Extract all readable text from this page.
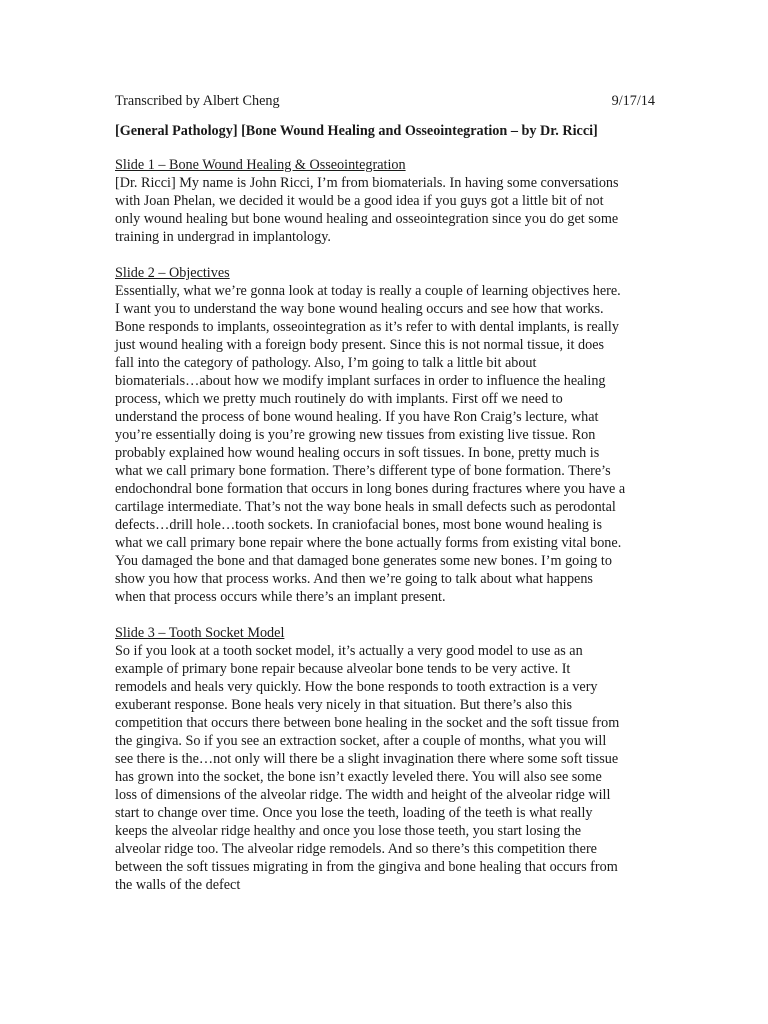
Transcribed by Albert Cheng	9/17/14
[General Pathology] [Bone Wound Healing and Osseointegration – by Dr. Ricci]
Slide 1 – Bone Wound Healing & Osseointegration
[Dr. Ricci] My name is John Ricci, I’m from biomaterials. In having some conversations
with Joan Phelan, we decided it would be a good idea if you guys got a little bit of not
only wound healing but bone wound healing and osseointegration since you do get some
training in undergrad in implantology.
Slide 2 – Objectives
Essentially, what we’re gonna look at today is really a couple of learning objectives here.
I want you to understand the way bone wound healing occurs and see how that works.
Bone responds to implants, osseointegration as it’s refer to with dental implants, is really
just wound healing with a foreign body present. Since this is not normal tissue, it does
fall into the category of pathology. Also, I’m going to talk a little bit about
biomaterials…about how we modify implant surfaces in order to influence the healing
process, which we pretty much routinely do with implants. First off we need to
understand the process of bone wound healing. If you have Ron Craig’s lecture, what
you’re essentially doing is you’re growing new tissues from existing live tissue. Ron
probably explained how wound healing occurs in soft tissues. In bone, pretty much is
what we call primary bone formation. There’s different type of bone formation. There’s
endochondral bone formation that occurs in long bones during fractures where you have a
cartilage intermediate. That’s not the way bone heals in small defects such as perodontal
defects…drill hole…tooth sockets. In craniofacial bones, most bone wound healing is
what we call primary bone repair where the bone actually forms from existing vital bone.
You damaged the bone and that damaged bone generates some new bones. I’m going to
show you how that process works. And then we’re going to talk about what happens
when that process occurs while there’s an implant present.
Slide 3 – Tooth Socket Model
So if you look at a tooth socket model, it’s actually a very good model to use as an
example of primary bone repair because alveolar bone tends to be very active. It
remodels and heals very quickly. How the bone responds to tooth extraction is a very
exuberant response. Bone heals very nicely in that situation. But there’s also this
competition that occurs there between bone healing in the socket and the soft tissue from
the gingiva. So if you see an extraction socket, after a couple of months, what you will
see there is the…not only will there be a slight invagination there where some soft tissue
has grown into the socket, the bone isn’t exactly leveled there. You will also see some
loss of dimensions of the alveolar ridge. The width and height of the alveolar ridge will
start to change over time. Once you lose the teeth, loading of the teeth is what really
keeps the alveolar ridge healthy and once you lose those teeth, you start losing the
alveolar ridge too. The alveolar ridge remodels. And so there’s this competition there
between the soft tissues migrating in from the gingiva and bone healing that occurs from
the walls of the defect
